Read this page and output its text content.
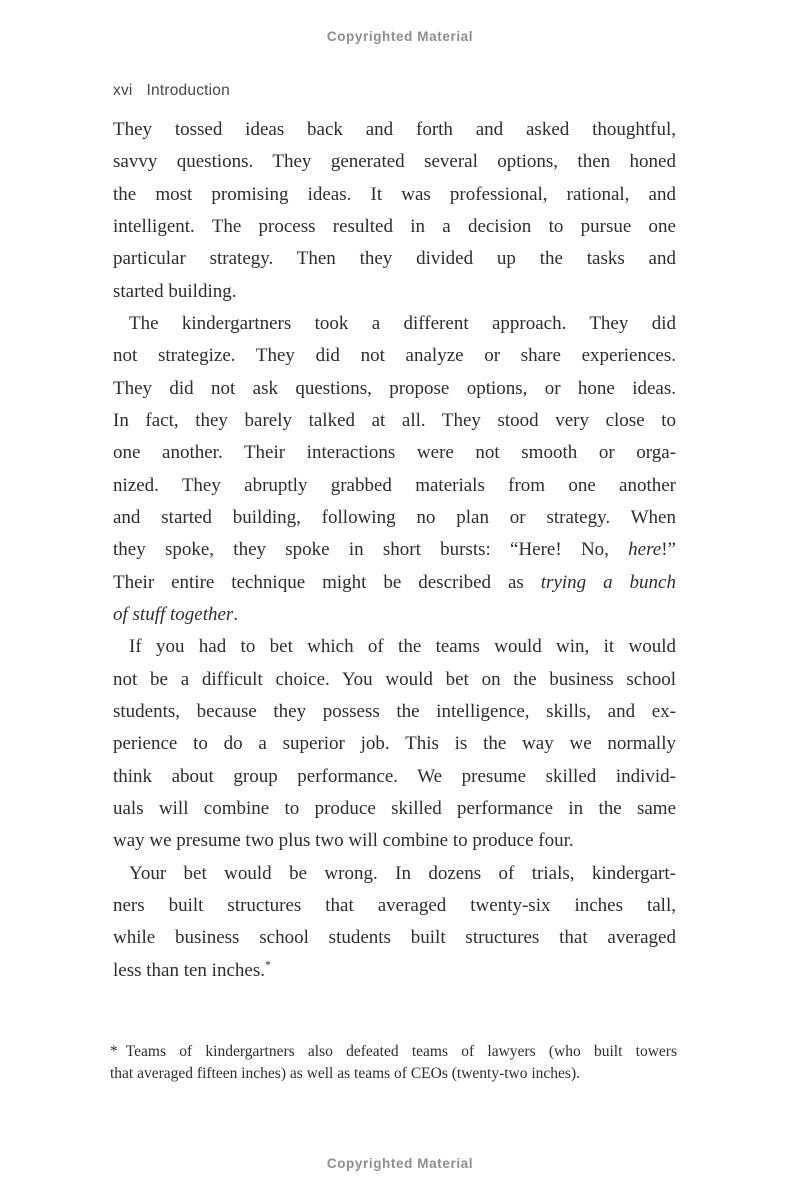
Copyrighted Material
xvi Introduction
They tossed ideas back and forth and asked thoughtful,
savvy questions. They generated several options, then honed
the most promising ideas. It was professional, rational, and
intelligent. The process resulted in a decision to pursue one
particular strategy. Then they divided up the tasks and
started building.
The kindergartners took a different approach. They did
not strategize. They did not analyze or share experiences.
They did not ask questions, propose options, or hone ideas.
In fact, they barely talked at all. They stood very close to
one another. Their interactions were not smooth or orga-
nized. They abruptly grabbed materials from one another
and started building, following no plan or strategy. When
they spoke, they spoke in short bursts: “Here! No, here!”
Their entire technique might be described as trying a bunch
of stuff together.
If you had to bet which of the teams would win, it would
not be a difficult choice. You would bet on the business school
students, because they possess the intelligence, skills, and ex-
perience to do a superior job. This is the way we normally
think about group performance. We presume skilled individ-
uals will combine to produce skilled performance in the same
way we presume two plus two will combine to produce four.
Your bet would be wrong. In dozens of trials, kindergart-
ners built structures that averaged twenty-six inches tall,
while business school students built structures that averaged
less than ten inches.*
* Teams of kindergartners also defeated teams of lawyers (who built towers
that averaged fifteen inches) as well as teams of CEOs (twenty-two inches).
Copyrighted Material
